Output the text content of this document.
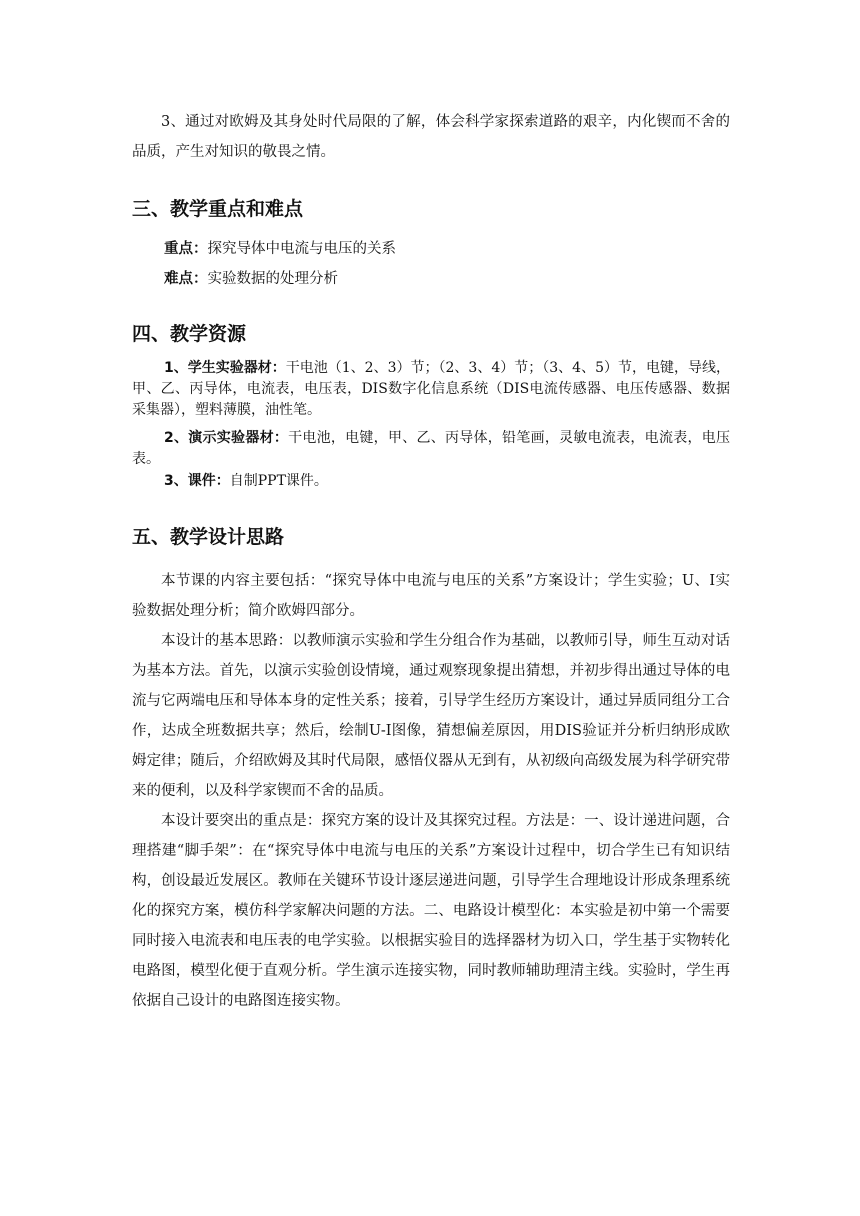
3、通过对欧姆及其身处时代局限的了解，体会科学家探索道路的艰辛，内化锲而不舍的品质，产生对知识的敬畏之情。

三、教学重点和难点

重点：探究导体中电流与电压的关系

难点：实验数据的处理分析

四、教学资源

1、学生实验器材：干电池（1、2、3）节；（2、3、4）节；（3、4、5）节，电键，导线，甲、乙、丙导体，电流表，电压表，DIS数字化信息系统（DIS电流传感器、电压传感器、数据采集器），塑料薄膜，油性笔。

2、演示实验器材：干电池，电键，甲、乙、丙导体，铅笔画，灵敏电流表，电流表，电压表。

3、课件：自制PPT课件。

五、教学设计思路

本节课的内容主要包括：“探究导体中电流与电压的关系”方案设计；学生实验；U、I实验数据处理分析；简介欧姆四部分。

本设计的基本思路：以教师演示实验和学生分组合作为基础，以教师引导，师生互动对话为基本方法。首先，以演示实验创设情境，通过观察现象提出猜想，并初步得出通过导体的电流与它两端电压和导体本身的定性关系；接着，引导学生经历方案设计，通过异质同组分工合作，达成全班数据共享；然后，绘制U-I图像，猜想偏差原因，用DIS验证并分析归纳形成欧姆定律；随后，介绍欧姆及其时代局限，感悟仪器从无到有，从初级向高级发展为科学研究带来的便利，以及科学家锲而不舍的品质。

本设计要突出的重点是：探究方案的设计及其探究过程。方法是：一、设计递进问题，合理搭建“脚手架”：在“探究导体中电流与电压的关系”方案设计过程中，切合学生已有知识结构，创设最近发展区。教师在关键环节设计逐层递进问题，引导学生合理地设计形成条理系统化的探究方案，模仿科学家解决问题的方法。二、电路设计模型化：本实验是初中第一个需要同时接入电流表和电压表的电学实验。以根据实验目的选择器材为切入口，学生基于实物转化电路图，模型化便于直观分析。学生演示连接实物，同时教师辅助理清主线。实验时，学生再依据自己设计的电路图连接实物。
